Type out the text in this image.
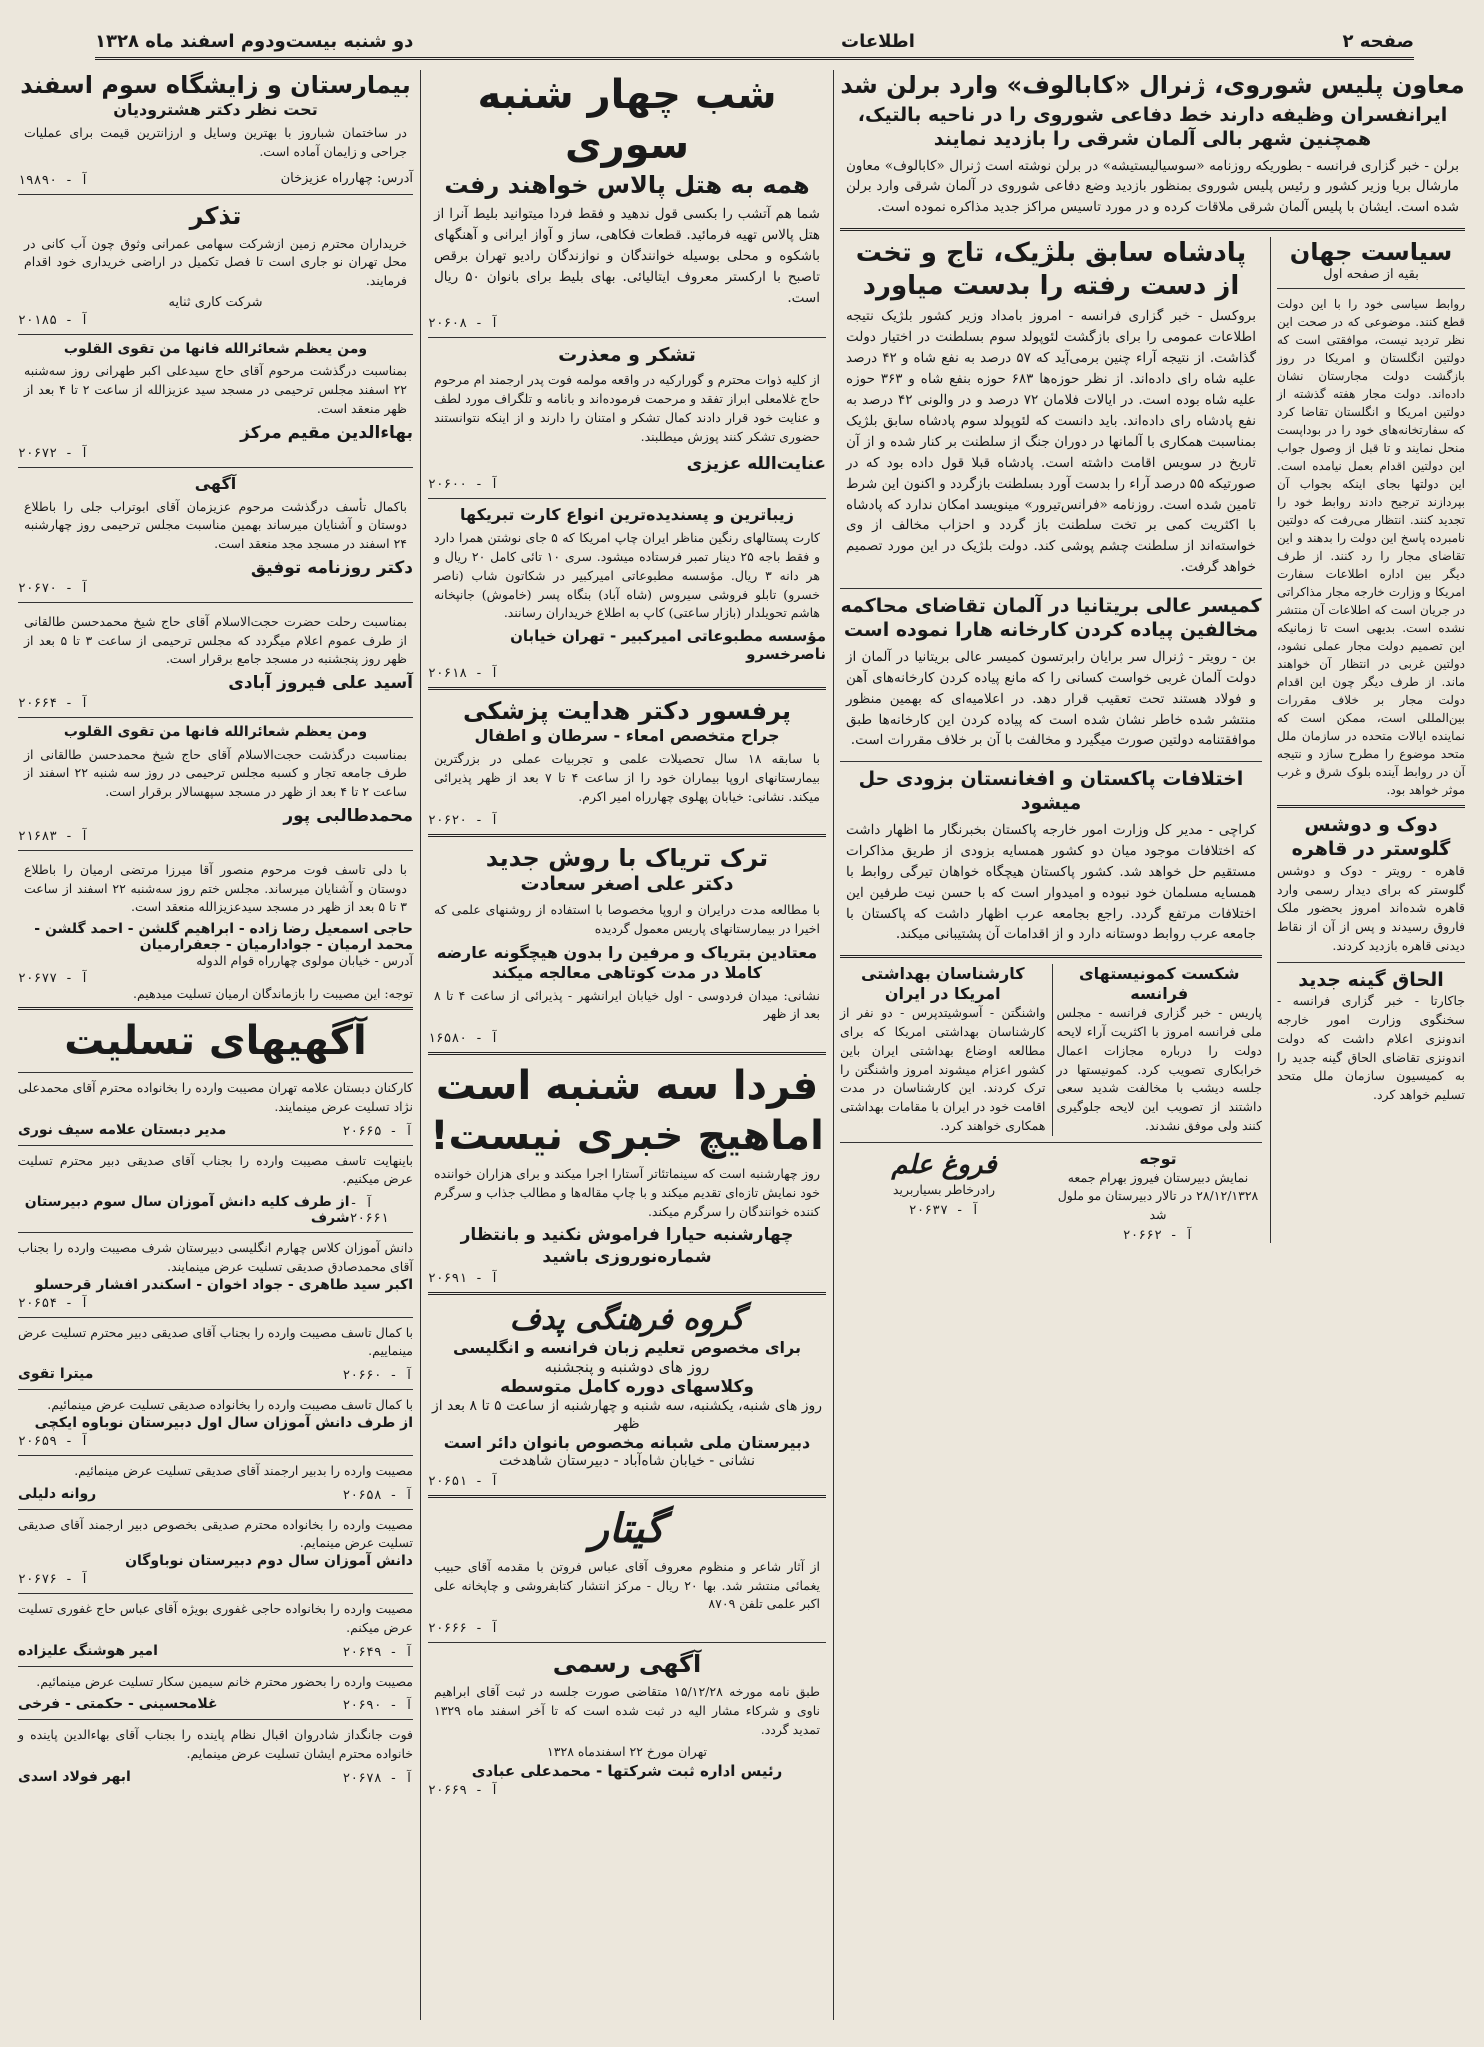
صفحه ۲
اطلاعات
دو شنبه بیست‌ودوم اسفند ماه ۱۳۲۸
معاون پلیس شوروی، ژنرال «کابالوف» وارد برلن شد
ایرانفسران وظیفه دارند خط دفاعی شوروی را در ناحیه بالتیک، همچنین شهر بالی آلمان شرقی را بازدید نمایند
برلن - خبر گزاری فرانسه - بطوریکه روزنامه «سوسیالیستیشه» در برلن نوشته است ژنرال «کابالوف» معاون مارشال بریا وزیر کشور و رئیس پلیس شوروی بمنظور بازدید وضع دفاعی شوروی در آلمان شرقی وارد برلن شده است. ایشان با پلیس آلمان شرقی ملاقات کرده و در مورد تاسیس مراکز جدید مذاکره نموده است.
سیاست جهان
بقیه از صفحه اول
روابط سیاسی خود را با این دولت قطع کنند. موضوعی که در صحت این نظر تردید نیست، موافقتی است که دولتین انگلستان و امریکا در روز بازگشت دولت مجارستان نشان داده‌اند. دولت مجار هفته گذشته از دولتین امریکا و انگلستان تقاضا کرد که سفارتخانه‌های خود را در بوداپست منحل نمایند و تا قبل از وصول جواب این دولتین اقدام بعمل نیامده است. این دولتها بجای اینکه بجواب آن بپردازند ترجیح دادند روابط خود را تجدید کنند. انتظار می‌رفت که دولتین نامبرده پاسخ این دولت را بدهند و این تقاضای مجار را رد کنند. از طرف دیگر بین اداره اطلاعات سفارت امریکا و وزارت خارجه مجار مذاکراتی در جریان است که اطلاعات آن منتشر نشده است. بدیهی است تا زمانیکه این تصمیم دولت مجار عملی نشود، دولتین غربی در انتظار آن خواهند ماند. از طرف دیگر چون این اقدام دولت مجار بر خلاف مقررات بین‌المللی است، ممکن است که نماینده ایالات متحده در سازمان ملل متحد موضوع را مطرح سازد و نتیجه آن در روابط آینده بلوک شرق و غرب موثر خواهد بود.
دوک و دوشس گلوستر در قاهره
قاهره - رویتر - دوک و دوشس گلوستر که برای دیدار رسمی وارد قاهره شده‌اند امروز بحضور ملک فاروق رسیدند و پس از آن از نقاط دیدنی قاهره بازدید کردند.
الحاق گینه جدید
جاکارتا - خبر گزاری فرانسه - سخنگوی وزارت امور خارجه اندونزی اعلام داشت که دولت اندونزی تقاضای الحاق گینه جدید را به کمیسیون سازمان ملل متحد تسلیم خواهد کرد.
پادشاه سابق بلژیک، تاج و تخت از دست رفته را بدست میاورد
بروکسل - خبر گزاری فرانسه - امروز بامداد وزیر کشور بلژیک نتیجه اطلاعات عمومی را برای بازگشت لئوپولد سوم بسلطنت در اختیار دولت گذاشت. از نتیجه آراء چنین برمی‌آید که ۵۷ درصد به نفع شاه و ۴۲ درصد علیه شاه رای داده‌اند. از نظر حوزه‌ها ۶۸۳ حوزه بنفع شاه و ۳۶۳ حوزه علیه شاه بوده است. در ایالات فلامان ۷۲ درصد و در والونی ۴۲ درصد به نفع پادشاه رای داده‌اند. باید دانست که لئوپولد سوم پادشاه سابق بلژیک بمناسبت همکاری با آلمانها در دوران جنگ از سلطنت بر کنار شده و از آن تاریخ در سویس اقامت داشته است. پادشاه قبلا قول داده بود که در صورتیکه ۵۵ درصد آراء را بدست آورد بسلطنت بازگردد و اکنون این شرط تامین شده است. روزنامه «فرانس‌تیرور» مینویسد امکان ندارد که پادشاه با اکثریت کمی بر تخت سلطنت باز گردد و احزاب مخالف از وی خواسته‌اند از سلطنت چشم پوشی کند. دولت بلژیک در این مورد تصمیم خواهد گرفت.
کمیسر عالی بریتانیا در آلمان تقاضای محاکمه مخالفین پیاده کردن کارخانه هارا نموده است
بن - رویتر - ژنرال سر برایان رابرتسون کمیسر عالی بریتانیا در آلمان از دولت آلمان غربی خواست کسانی را که مانع پیاده کردن کارخانه‌های آهن و فولاد هستند تحت تعقیب قرار دهد. در اعلامیه‌ای که بهمین منظور منتشر شده خاطر نشان شده است که پیاده کردن این کارخانه‌ها طبق موافقتنامه دولتین صورت میگیرد و مخالفت با آن بر خلاف مقررات است.
اختلافات پاکستان و افغانستان بزودی حل میشود
کراچی - مدیر کل وزارت امور خارجه پاکستان بخبرنگار ما اظهار داشت که اختلافات موجود میان دو کشور همسایه بزودی از طریق مذاکرات مستقیم حل خواهد شد. کشور پاکستان هیچگاه خواهان تیرگی روابط با همسایه مسلمان خود نبوده و امیدوار است که با حسن نیت طرفین این اختلافات مرتفع گردد. راجع بجامعه عرب اظهار داشت که پاکستان با جامعه عرب روابط دوستانه دارد و از اقدامات آن پشتیبانی میکند.
شکست کمونیستهای فرانسه
پاریس - خبر گزاری فرانسه - مجلس ملی فرانسه امروز با اکثریت آراء لایحه دولت را درباره مجازات اعمال خرابکاری تصویب کرد. کمونیستها در جلسه دیشب با مخالفت شدید سعی داشتند از تصویب این لایحه جلوگیری کنند ولی موفق نشدند.
کارشناسان بهداشتی امریکا در ایران
واشنگتن - آسوشیتدپرس - دو نفر از کارشناسان بهداشتی امریکا که برای مطالعه اوضاع بهداشتی ایران باین کشور اعزام میشوند امروز واشنگتن را ترک کردند. این کارشناسان در مدت اقامت خود در ایران با مقامات بهداشتی همکاری خواهند کرد.
توجه
نمایش دبیرستان فیروز بهرام جمعه ۲۸/۱۲/۱۳۲۸ در تالار دبیرستان مو ملول شد
آ - ۲۰۶۶۲
فروغ علم
رادرخاطر بسیاربرید
آ - ۲۰۶۳۷
شب چهار شنبه سوری
همه به هتل پالاس خواهند رفت
شما هم آتشب را بکسی قول ندهید و فقط فردا میتوانید بلیط آنرا از هتل پالاس تهیه فرمائید. قطعات فکاهی، ساز و آواز ایرانی و آهنگهای باشکوه و محلی بوسیله خوانندگان و نوازندگان رادیو تهران برقص تاصبح با ارکستر معروف ایتالیائی. بهای بلیط برای بانوان ۵۰ ریال است.
آ - ۲۰۶۰۸
تشکر و معذرت
از کلیه ذوات محترم و گورارکیه در واقعه مولمه فوت پدر ارجمند ام مرحوم حاج غلامعلی ابراز تفقد و مرحمت فرموده‌اند و بانامه و تلگراف مورد لطف و عنایت خود قرار دادند کمال تشکر و امتنان را دارند و از اینکه نتوانستند حضوری تشکر کنند پوزش میطلبند.
عنایت‌الله عزیزی
آ - ۲۰۶۰۰
زیباترین و پسندیده‌ترین انواع کارت تبریکها
کارت پستالهای رنگین مناظر ایران چاپ امریکا که ۵ جای نوشتن همرا دارد و فقط باجه ۲۵ دینار تمبر فرستاده میشود. سری ۱۰ تائی کامل ۲۰ ریال و هر دانه ۳ ریال. مؤسسه مطبوعاتی امیرکبیر در شکاتون شاب (ناصر خسرو) تابلو فروشی سیروس (شاه آباد) بنگاه پسر (خاموش) جانپخانه هاشم تحویلدار (بازار ساعتی) کاپ به اطلاع خریداران رسانند.
مؤسسه مطبوعاتی امیرکبیر - تهران خیابان ناصرخسرو
آ - ۲۰۶۱۸
پرفسور دکتر هدایت پزشکی
جراح متخصص امعاء - سرطان و اطفال
با سابقه ۱۸ سال تحصیلات علمی و تجربیات عملی در بزرگترین بیمارستانهای اروپا بیماران خود را از ساعت ۴ تا ۷ بعد از ظهر پذیرائی میکند. نشانی: خیابان پهلوی چهارراه امیر اکرم.
آ - ۲۰۶۲۰
ترک تریاک با روش جدید
دکتر علی اصغر سعادت
با مطالعه مدت درایران و اروپا مخصوصا با استفاده از روشنهای علمی که اخیرا در بیمارستانهای پاریس معمول گردیده
معتادین بتریاک و مرفین را بدون هیچگونه عارضه
کاملا در مدت کوتاهی معالجه میکند
نشانی: میدان فردوسی - اول خیابان ایرانشهر - پذیرائی از ساعت ۴ تا ۸ بعد از ظهر
آ - ۱۶۵۸۰
فردا سه شنبه است
اماهیچ خبری نیست!
روز چهارشنبه است که سینماتئاتر آستارا اجرا میکند و برای هزاران خواننده خود نمایش تازه‌ای تقدیم میکند و با چاپ مقاله‌ها و مطالب جذاب و سرگرم کننده خوانندگان را سرگرم میکند.
چهارشنبه حیارا فراموش نکنید و بانتظار شماره‌نوروزی باشید
آ - ۲۰۶۹۱
گروه فرهنگی پدف
برای مخصوص تعلیم زبان فرانسه و انگلیسی
روز های دوشنبه و پنجشنبه
وکلاسهای دوره کامل متوسطه
روز های شنبه، یکشنبه، سه شنبه و چهارشنبه از ساعت ۵ تا ۸ بعد از ظهر
دبیرستان ملی شبانه مخصوص بانوان دائر است
نشانی - خیابان شاه‌آباد - دبیرستان شاهدخت
آ - ۲۰۶۵۱
گیتار
از آثار شاعر و منظوم معروف آقای عباس فروتن با مقدمه آقای حبیب یغمائی منتشر شد. بها ۲۰ ریال - مرکز انتشار کتابفروشی و چاپخانه علی اکبر علمی تلفن ۸۷۰۹
آ - ۲۰۶۶۶
آگهی رسمی
طبق نامه مورخه ۱۵/۱۲/۲۸ متقاضی صورت جلسه در ثبت آقای ابراهیم ناوی و شرکاء مشار الیه در ثبت شده است که تا آخر اسفند ماه ۱۳۲۹ تمدید گردد.
تهران مورخ ۲۲ اسفندماه ۱۳۲۸
رئیس اداره ثبت شرکتها - محمدعلی عبادی
آ - ۲۰۶۶۹
بیمارستان و زایشگاه سوم اسفند
تحت نظر دکتر هشترودیان
در ساختمان شباروز با بهترین وسایل و ارزانترین قیمت برای عملیات جراحی و زایمان آماده است.
آدرس: چهارراه عزیزخان
آ - ۱۹۸۹۰
تذکر
خریداران محترم زمین ازشرکت سهامی عمرانی وثوق چون آب کانی در محل تهران نو جاری است تا فصل تکمیل در اراضی خریداری خود اقدام فرمایند.
شرکت کاری ثنایه
آ - ۲۰۱۸۵
ومن یعظم شعائرالله فانها من تقوی القلوب
بمناسبت درگذشت مرحوم آقای حاج سیدعلی اکبر طهرانی روز سه‌شنبه ۲۲ اسفند مجلس ترحیمی در مسجد سید عزیزالله از ساعت ۲ تا ۴ بعد از ظهر منعقد است.
بهاءالدین مقیم مرکز
آ - ۲۰۶۷۲
آگهی
باکمال تأسف درگذشت مرحوم عزیزمان آقای ابوتراب جلی را باطلاع دوستان و آشنایان میرساند بهمین مناسبت مجلس ترحیمی روز چهارشنبه ۲۴ اسفند در مسجد مجد منعقد است.
دکتر روزنامه توفیق
آ - ۲۰۶۷۰
بمناسبت رحلت حضرت حجت‌الاسلام آقای حاج شیخ محمدحسن طالقانی از طرف عموم اعلام میگردد که مجلس ترحیمی از ساعت ۳ تا ۵ بعد از ظهر روز پنجشنبه در مسجد جامع برقرار است.
آسید علی فیروز آبادی
آ - ۲۰۶۶۴
ومن یعظم شعائرالله فانها من تقوی القلوب
بمناسبت درگذشت حجت‌الاسلام آقای حاج شیخ محمدحسن طالقانی از طرف جامعه تجار و کسبه مجلس ترحیمی در روز سه شنبه ۲۲ اسفند از ساعت ۲ تا ۴ بعد از ظهر در مسجد سپهسالار برقرار است.
محمدطالبی پور
آ - ۲۱۶۸۳
با دلی تاسف فوت مرحوم منصور آقا میرزا مرتضی ارمیان را باطلاع دوستان و آشنایان میرساند. مجلس ختم روز سه‌شنبه ۲۲ اسفند از ساعت ۳ تا ۵ بعد از ظهر در مسجد سیدعزیزالله منعقد است.
حاجی اسمعیل رضا زاده - ابراهیم گلشن - احمد گلشن - محمد ارمیان - جوادارمیان - جعفرارمیان
آدرس - خیابان مولوی چهارراه قوام الدوله
آ - ۲۰۶۷۷
توجه: این مصیبت را بازماندگان ارمیان تسلیت میدهیم.
آگهیهای تسلیت
کارکنان دبستان علامه تهران مصیبت وارده را بخانواده محترم آقای محمدعلی نژاد تسلیت عرض مینمایند.
آ - ۲۰۶۶۵
مدیر دبستان علامه سیف نوری
باینهایت تاسف مصیبت وارده را بجناب آقای صدیقی دبیر محترم تسلیت عرض میکنیم.
آ - ۲۰۶۶۱
از طرف کلیه دانش آموزان سال سوم دبیرستان شرف
دانش آموزان کلاس چهارم انگلیسی دبیرستان شرف مصیبت وارده را بجناب آقای محمدصادق صدیقی تسلیت عرض مینمایند.
اکبر سید طاهری - جواد اخوان - اسکندر افشار قرحسلو
آ - ۲۰۶۵۴
با کمال تاسف مصیبت وارده را بجناب آقای صدیقی دبیر محترم تسلیت عرض مینماییم.
آ - ۲۰۶۶۰
میترا تقوی
با کمال تاسف مصیبت وارده را بخانواده صدیقی تسلیت عرض مینمائیم.
از طرف دانش آموزان سال اول دبیرستان نوباوه ایکچی
آ - ۲۰۶۵۹
مصیبت وارده را بدبیر ارجمند آقای صدیقی تسلیت عرض مینمائیم.
آ - ۲۰۶۵۸
روانه دلیلی
مصیبت وارده را بخانواده محترم صدیقی بخصوص دبیر ارجمند آقای صدیقی تسلیت عرض مینمایم.
دانش آموزان سال دوم دبیرستان نوباوگان
آ - ۲۰۶۷۶
مصیبت وارده را بخانواده حاجی غفوری بویژه آقای عباس حاج غفوری تسلیت عرض میکنم.
آ - ۲۰۶۴۹
امیر هوشنگ علیزاده
مصیبت وارده را بحضور محترم خانم سیمین سکار تسلیت عرض مینمائیم.
آ - ۲۰۶۹۰
غلامحسینی - حکمتی - فرخی
فوت جانگداز شادروان اقبال نظام پاینده را بجناب آقای بهاءالدین پاینده و خانواده محترم ایشان تسلیت عرض مینمایم.
آ - ۲۰۶۷۸
ابهر فولاد اسدی
